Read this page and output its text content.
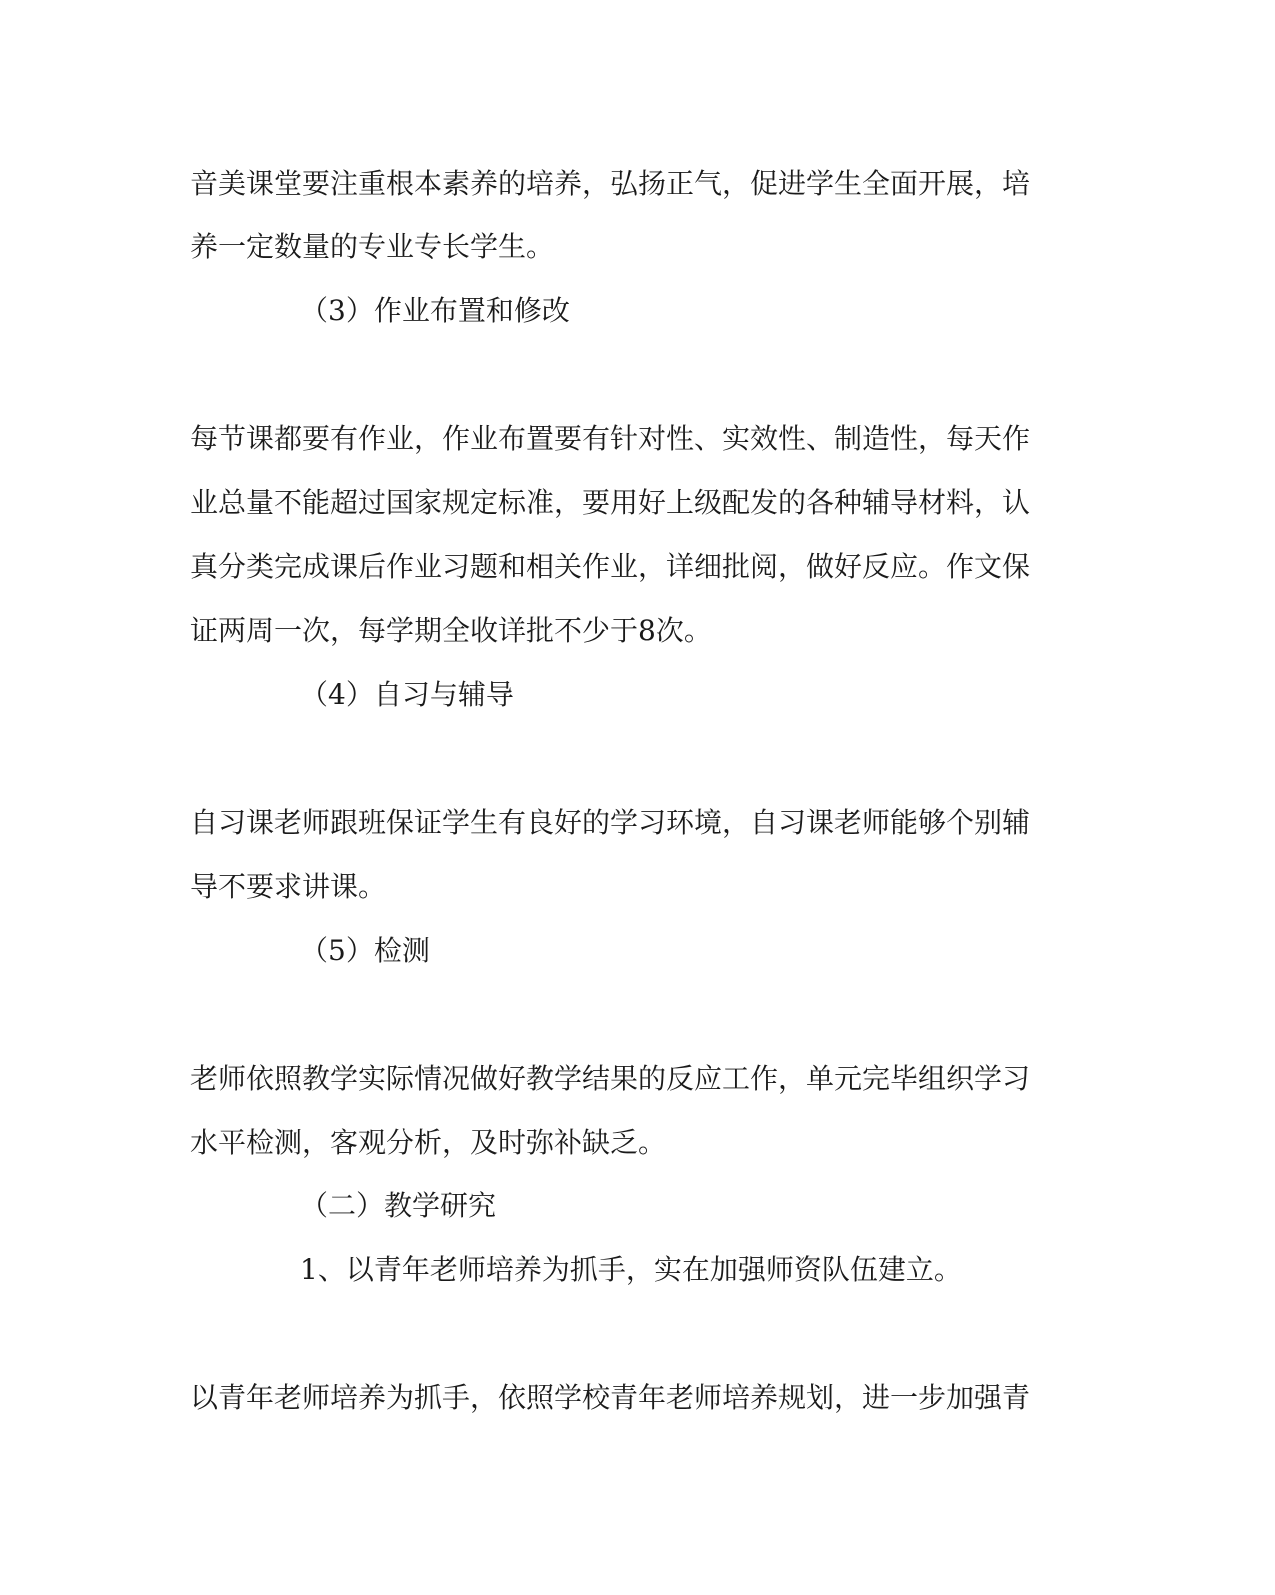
音美课堂要注重根本素养的培养，弘扬正气，促进学生全面开展，培

养一定数量的专业专长学生。

（3）作业布置和修改

每节课都要有作业，作业布置要有针对性、实效性、制造性，每天作

业总量不能超过国家规定标准，要用好上级配发的各种辅导材料，认

真分类完成课后作业习题和相关作业，详细批阅，做好反应。作文保

证两周一次，每学期全收详批不少于8次。

（4）自习与辅导

自习课老师跟班保证学生有良好的学习环境，自习课老师能够个别辅

导不要求讲课。

（5）检测

老师依照教学实际情况做好教学结果的反应工作，单元完毕组织学习

水平检测，客观分析，及时弥补缺乏。

（二）教学研究

1、以青年老师培养为抓手，实在加强师资队伍建立。

以青年老师培养为抓手，依照学校青年老师培养规划，进一步加强青
